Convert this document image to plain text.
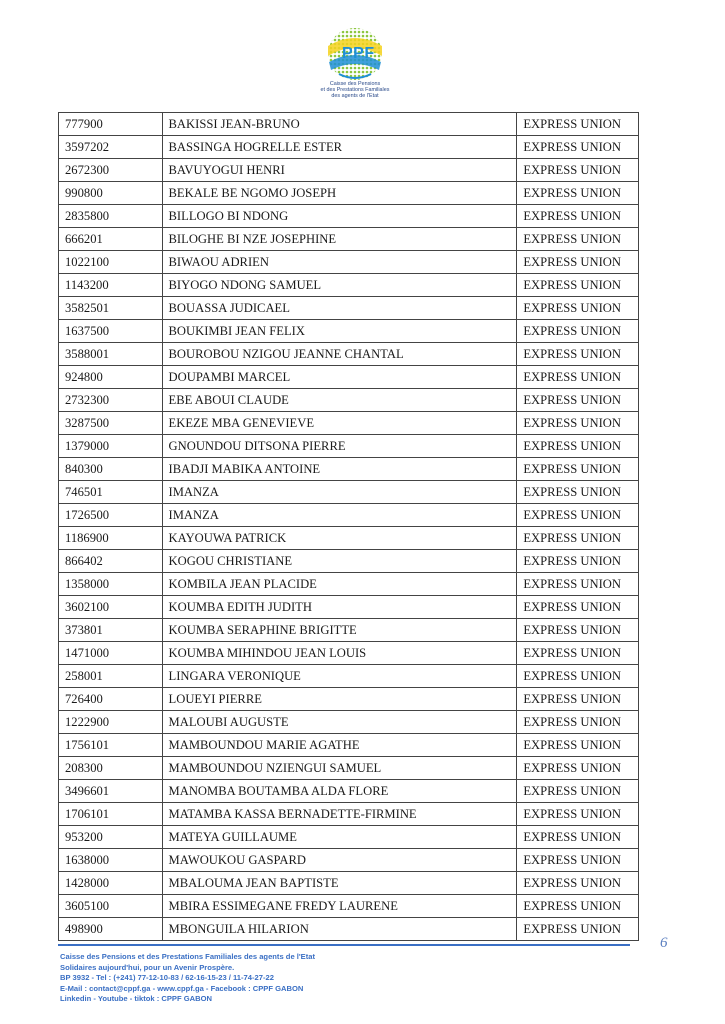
PPF
Caisse des Pensions
et des Prestations Familiales
des agents de l'Etat
777900	BAKISSI JEAN-BRUNO	EXPRESS UNION
3597202	BASSINGA HOGRELLE ESTER	EXPRESS UNION
2672300	BAVUYOGUI HENRI	EXPRESS UNION
990800	BEKALE BE NGOMO JOSEPH	EXPRESS UNION
2835800	BILLOGO BI NDONG	EXPRESS UNION
666201	BILOGHE BI NZE JOSEPHINE	EXPRESS UNION
1022100	BIWAOU ADRIEN	EXPRESS UNION
1143200	BIYOGO NDONG SAMUEL	EXPRESS UNION
3582501	BOUASSA JUDICAEL	EXPRESS UNION
1637500	BOUKIMBI JEAN FELIX	EXPRESS UNION
3588001	BOUROBOU NZIGOU JEANNE CHANTAL	EXPRESS UNION
924800	DOUPAMBI MARCEL	EXPRESS UNION
2732300	EBE ABOUI CLAUDE	EXPRESS UNION
3287500	EKEZE MBA GENEVIEVE	EXPRESS UNION
1379000	GNOUNDOU DITSONA PIERRE	EXPRESS UNION
840300	IBADJI MABIKA ANTOINE	EXPRESS UNION
746501	IMANZA	EXPRESS UNION
1726500	IMANZA	EXPRESS UNION
1186900	KAYOUWA PATRICK	EXPRESS UNION
866402	KOGOU CHRISTIANE	EXPRESS UNION
1358000	KOMBILA JEAN PLACIDE	EXPRESS UNION
3602100	KOUMBA EDITH JUDITH	EXPRESS UNION
373801	KOUMBA SERAPHINE BRIGITTE	EXPRESS UNION
1471000	KOUMBA MIHINDOU JEAN LOUIS	EXPRESS UNION
258001	LINGARA VERONIQUE	EXPRESS UNION
726400	LOUEYI PIERRE	EXPRESS UNION
1222900	MALOUBI AUGUSTE	EXPRESS UNION
1756101	MAMBOUNDOU MARIE AGATHE	EXPRESS UNION
208300	MAMBOUNDOU NZIENGUI SAMUEL	EXPRESS UNION
3496601	MANOMBA BOUTAMBA ALDA FLORE	EXPRESS UNION
1706101	MATAMBA KASSA BERNADETTE-FIRMINE	EXPRESS UNION
953200	MATEYA GUILLAUME	EXPRESS UNION
1638000	MAWOUKOU GASPARD	EXPRESS UNION
1428000	MBALOUMA JEAN BAPTISTE	EXPRESS UNION
3605100	MBIRA ESSIMEGANE FREDY LAURENE	EXPRESS UNION
498900	MBONGUILA HILARION	EXPRESS UNION
6
Caisse des Pensions et des Prestations Familiales des agents de l'Etat
Solidaires aujourd'hui, pour un Avenir Prospère.
BP 3932 - Tel : (+241) 77-12-10-83 / 62-16-15-23 / 11-74-27-22
E-Mail : contact@cppf.ga - www.cppf.ga - Facebook : CPPF GABON
Linkedin - Youtube - tiktok : CPPF GABON
